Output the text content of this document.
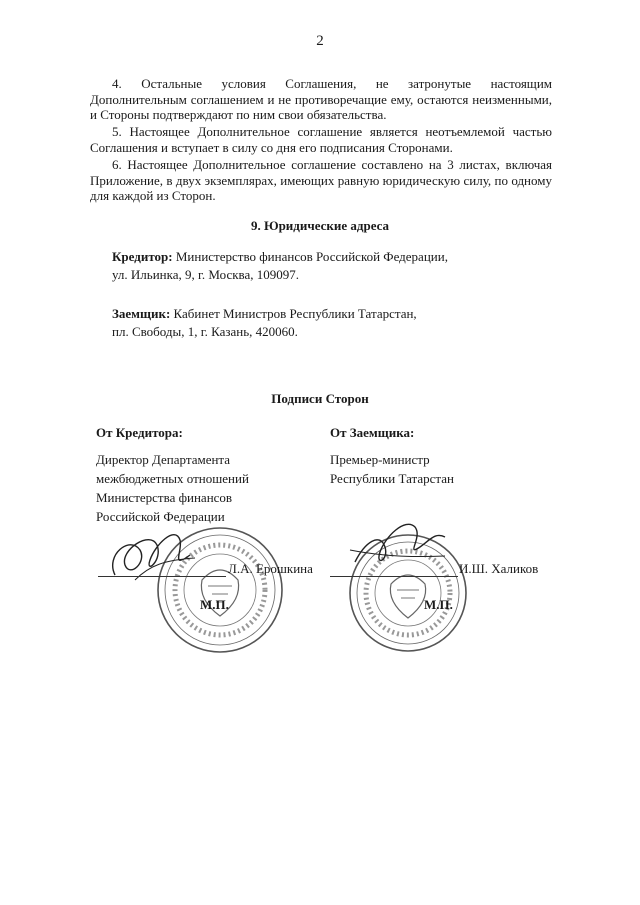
2
4. Остальные условия Соглашения, не затронутые настоящим Дополнительным соглашением и не противоречащие ему, остаются неизменными, и Стороны подтверждают по ним свои обязательства.
5. Настоящее Дополнительное соглашение является неотъемлемой частью Соглашения и вступает в силу со дня его подписания Сторонами.
6. Настоящее Дополнительное соглашение составлено на 3 листах, включая Приложение, в двух экземплярах, имеющих равную юридическую силу, по одному для каждой из Сторон.
9. Юридические адреса
Кредитор: Министерство финансов Российской Федерации,
ул. Ильинка, 9, г. Москва, 109097.
Заемщик: Кабинет Министров Республики Татарстан,
пл. Свободы, 1, г. Казань, 420060.
Подписи Сторон
От Кредитора:
Директор Департамента
межбюджетных отношений
Министерства финансов
Российской Федерации
Л.А. Ерошкина
М.П.
От Заемщика:
Премьер-министр
Республики Татарстан
И.Ш. Халиков
М.П.
